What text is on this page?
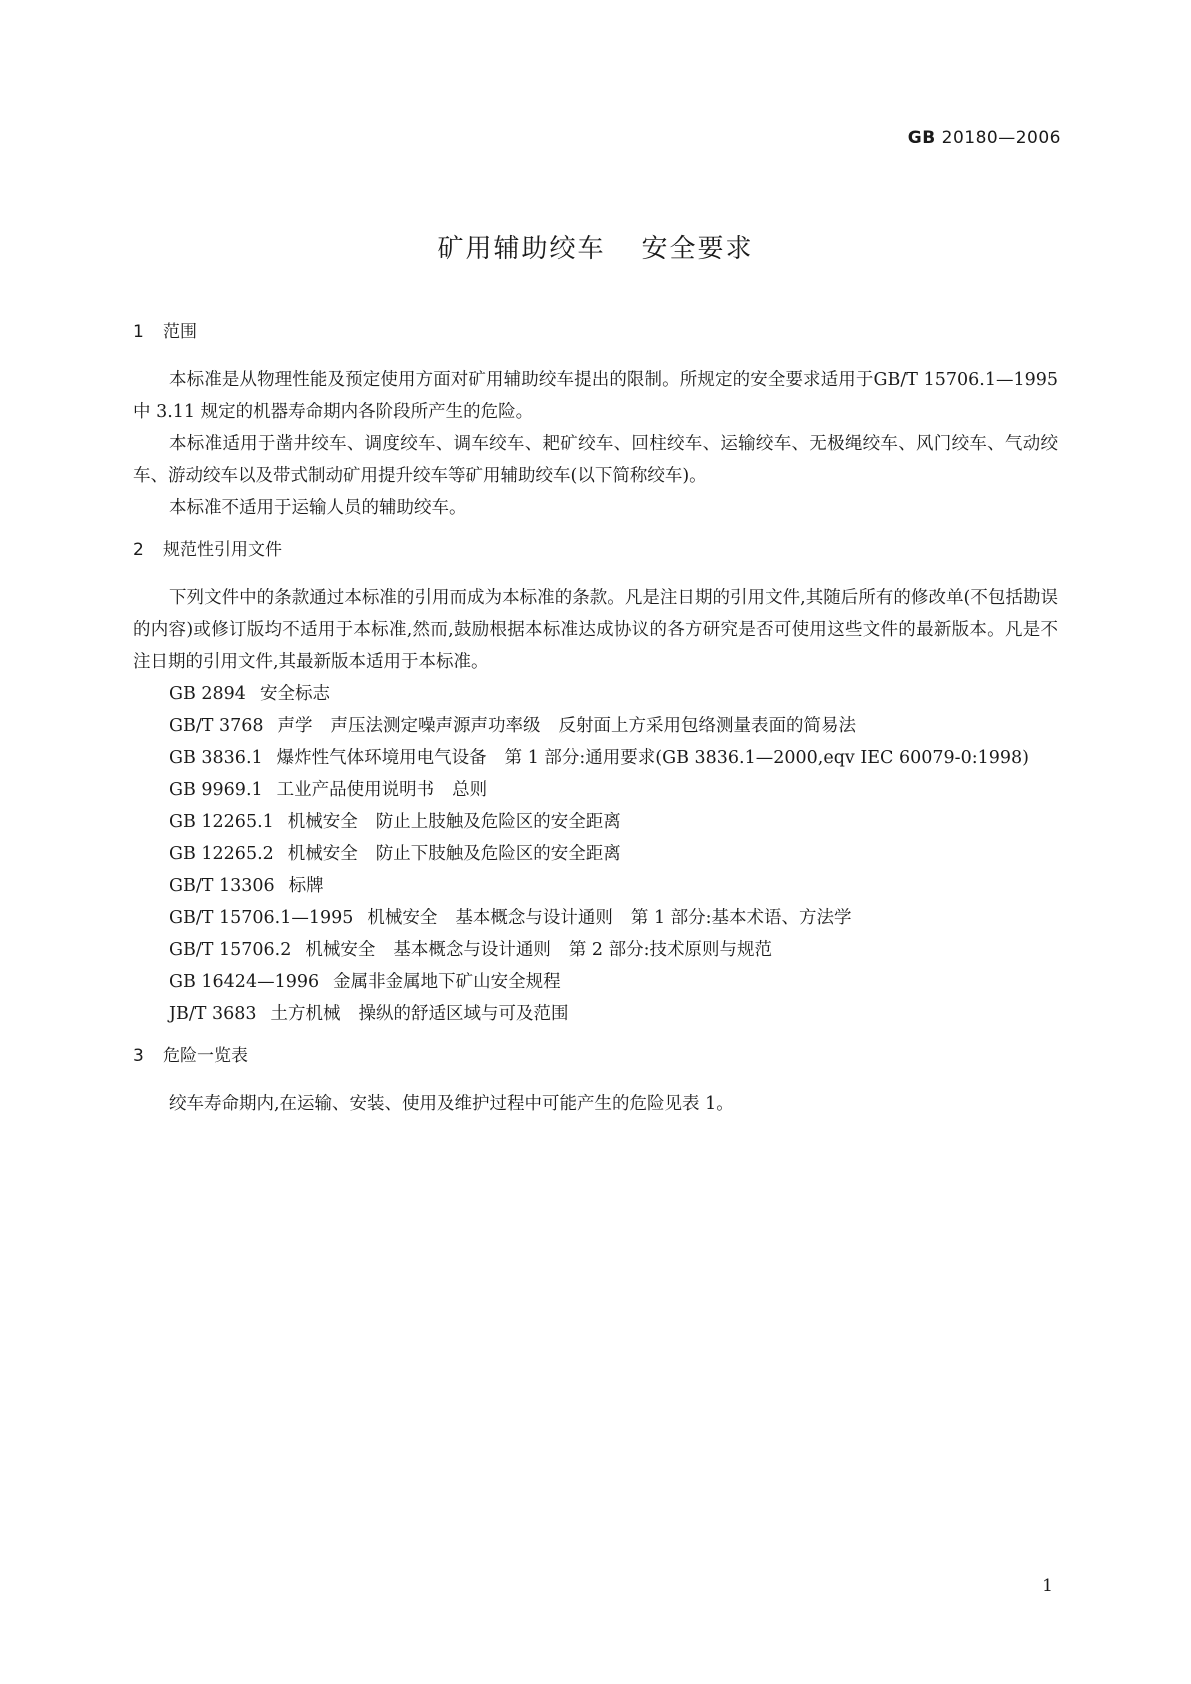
GB 20180—2006
矿用辅助绞车 安全要求
1 范围

本标准是从物理性能及预定使用方面对矿用辅助绞车提出的限制。所规定的安全要求适用于GB/T 15706.1—1995 中 3.11 规定的机器寿命期内各阶段所产生的危险。

本标准适用于凿井绞车、调度绞车、调车绞车、耙矿绞车、回柱绞车、运输绞车、无极绳绞车、风门绞车、气动绞车、游动绞车以及带式制动矿用提升绞车等矿用辅助绞车(以下简称绞车)。

本标准不适用于运输人员的辅助绞车。

2 规范性引用文件

下列文件中的条款通过本标准的引用而成为本标准的条款。凡是注日期的引用文件,其随后所有的修改单(不包括勘误的内容)或修订版均不适用于本标准,然而,鼓励根据本标准达成协议的各方研究是否可使用这些文件的最新版本。凡是不注日期的引用文件,其最新版本适用于本标准。

GB 2894 安全标志

GB/T 3768 声学 声压法测定噪声源声功率级 反射面上方采用包络测量表面的简易法

GB 3836.1 爆炸性气体环境用电气设备 第 1 部分:通用要求(GB 3836.1—2000,eqv IEC 60079-0:1998)

GB 9969.1 工业产品使用说明书 总则

GB 12265.1 机械安全 防止上肢触及危险区的安全距离

GB 12265.2 机械安全 防止下肢触及危险区的安全距离

GB/T 13306 标牌

GB/T 15706.1—1995 机械安全 基本概念与设计通则 第 1 部分:基本术语、方法学

GB/T 15706.2 机械安全 基本概念与设计通则 第 2 部分:技术原则与规范

GB 16424—1996 金属非金属地下矿山安全规程

JB/T 3683 土方机械 操纵的舒适区域与可及范围

3 危险一览表

绞车寿命期内,在运输、安装、使用及维护过程中可能产生的危险见表 1。

1
